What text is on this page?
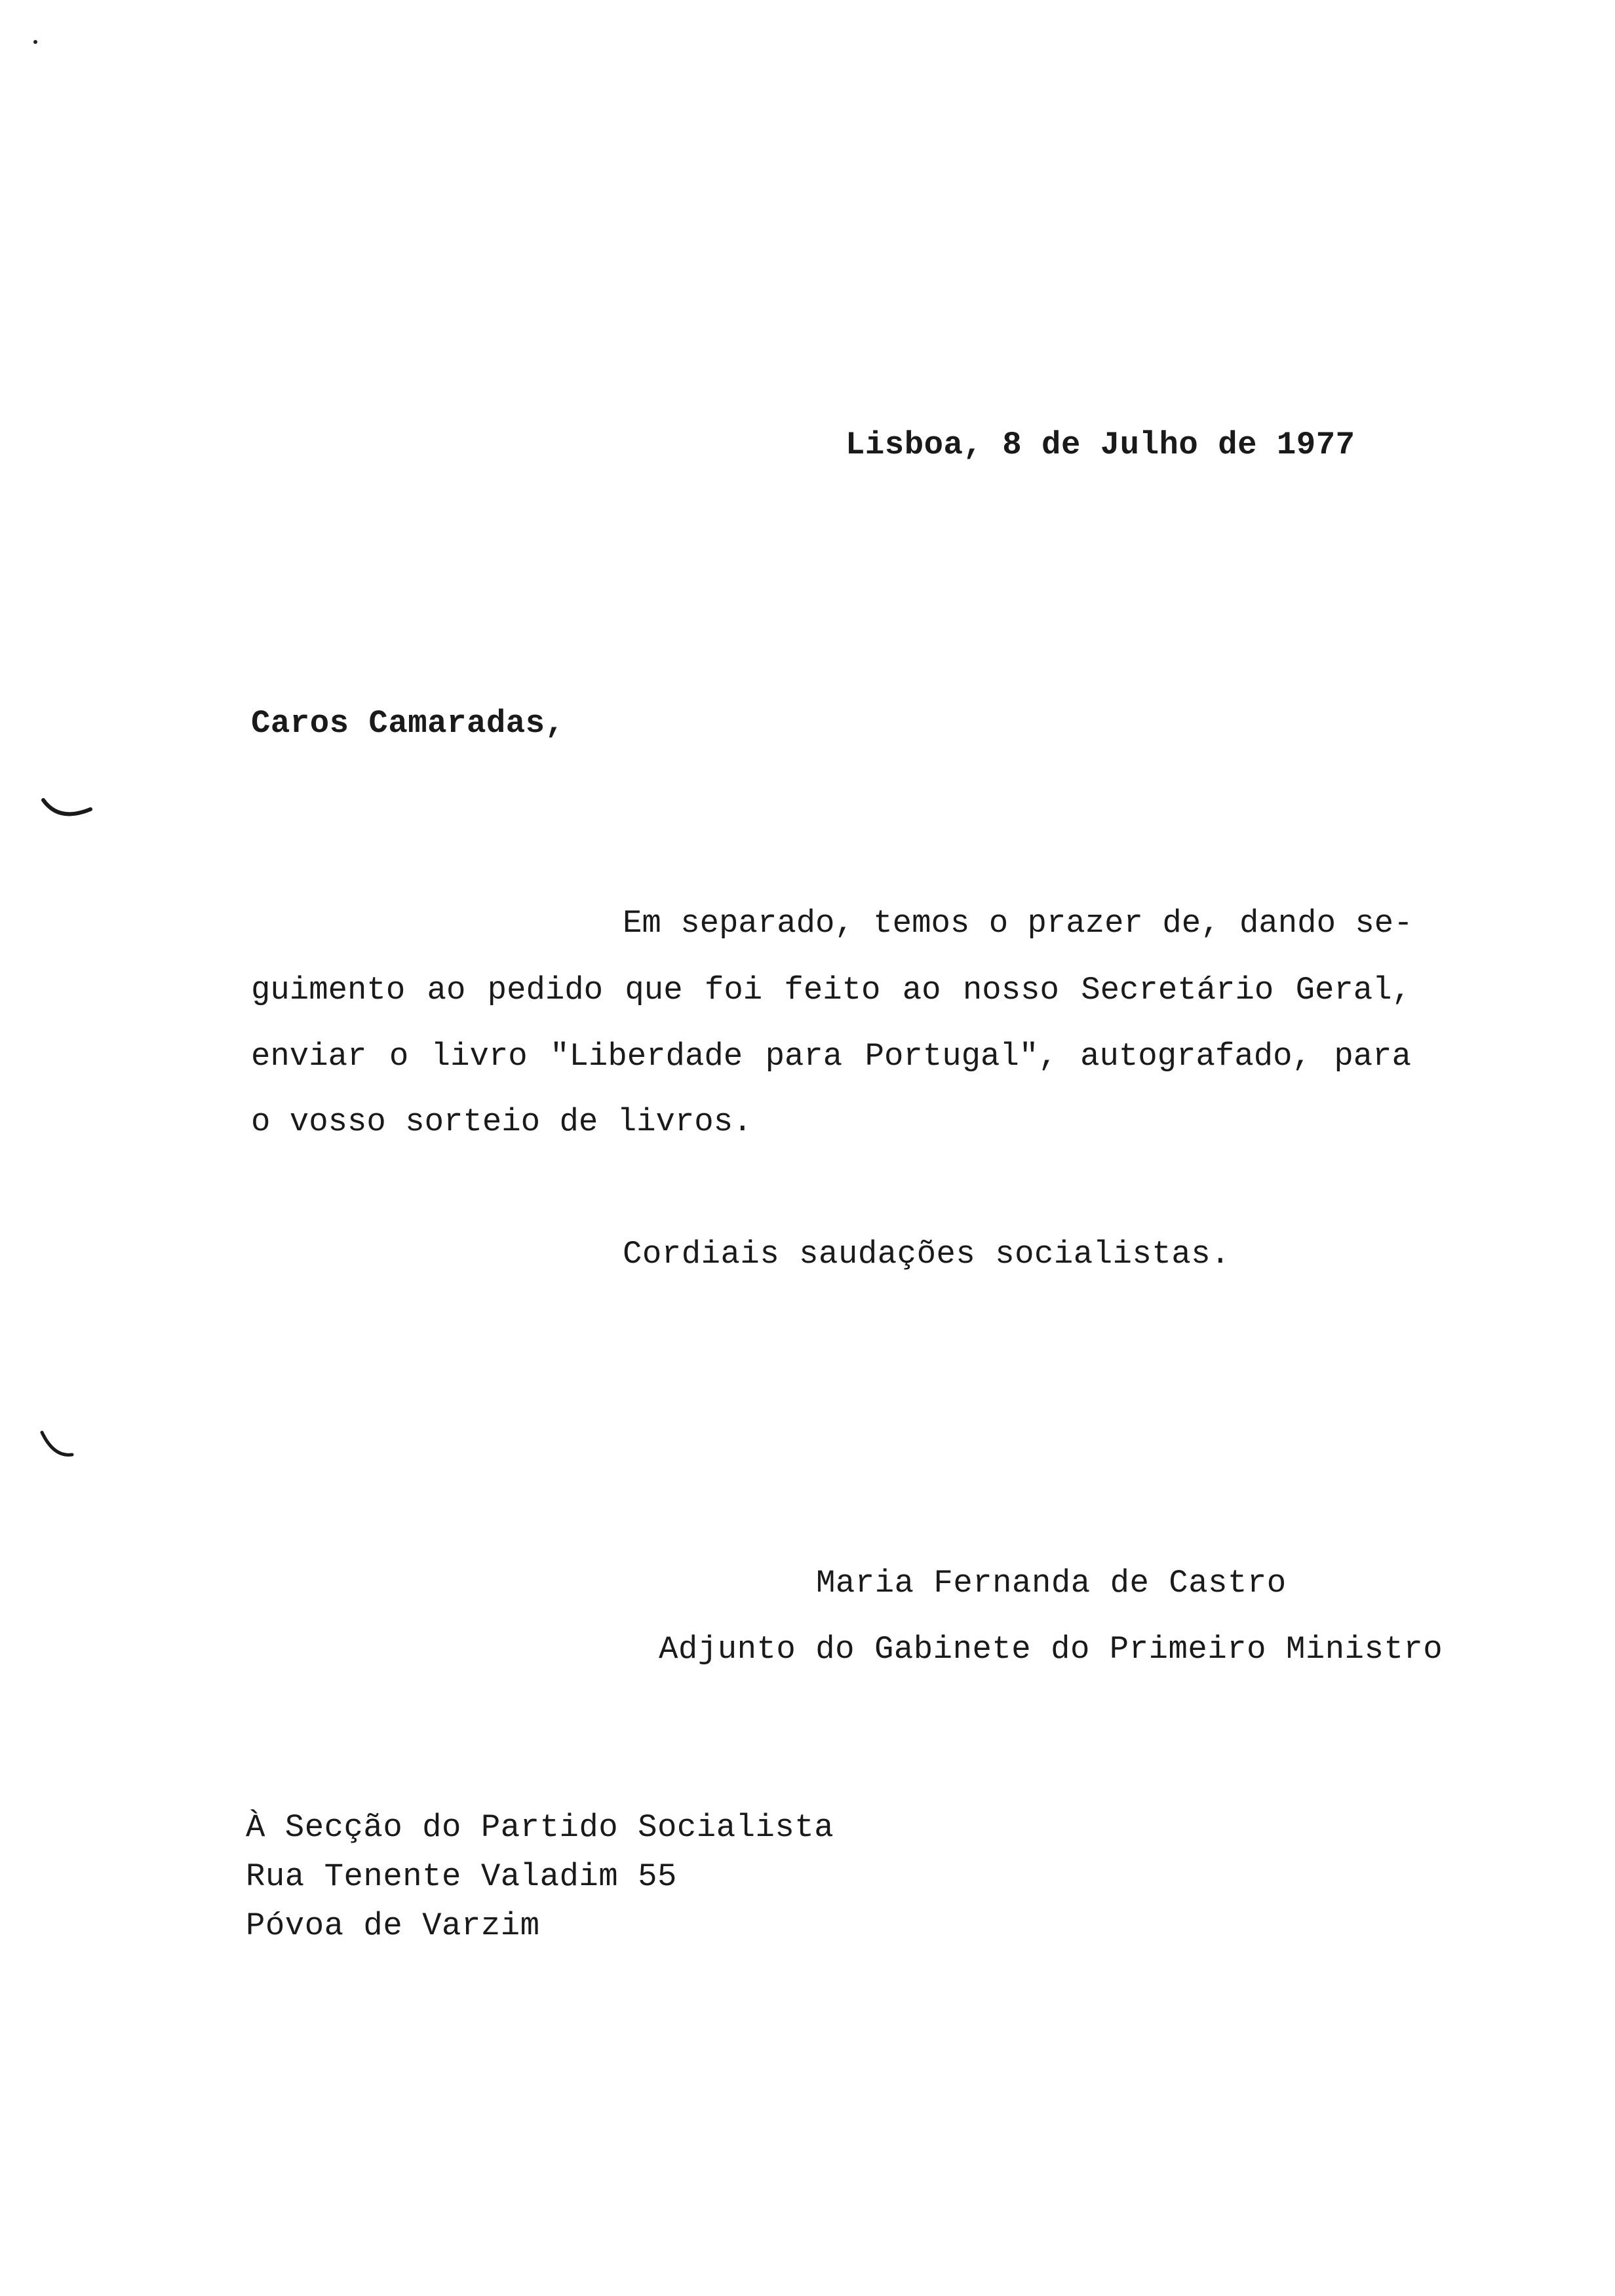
Lisboa, 8 de Julho de 1977
Caros Camaradas,
Em separado, temos o prazer de, dando se-
guimento ao pedido que foi feito ao nosso Secretário Geral,
enviar o livro "Liberdade para Portugal", autografado, para
o vosso sorteio de livros.
Cordiais saudações socialistas.
Maria Fernanda de Castro
Adjunto do Gabinete do Primeiro Ministro
À Secção do Partido Socialista
Rua Tenente Valadim 55
Póvoa de Varzim
